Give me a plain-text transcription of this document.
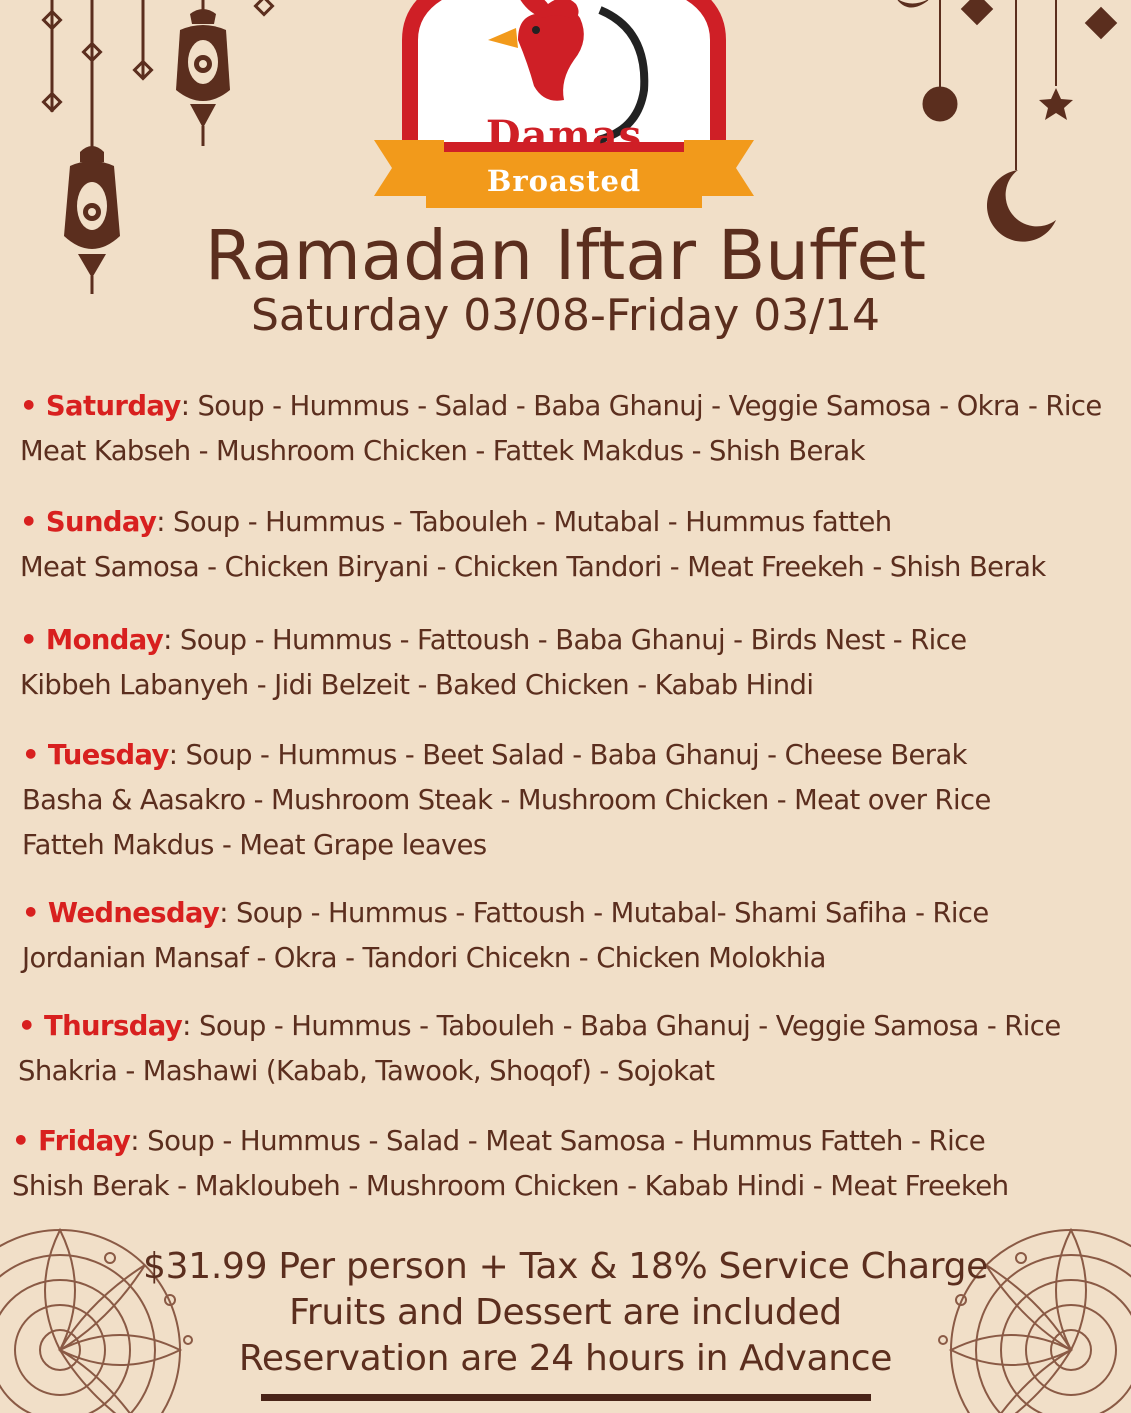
Damas
Broasted
Ramadan Iftar Buffet
Saturday 03/08-Friday 03/14
• Saturday: Soup - Hummus - Salad - Baba Ghanuj - Veggie Samosa - Okra - Rice
Meat Kabseh - Mushroom Chicken - Fattek Makdus - Shish Berak
• Sunday: Soup - Hummus - Tabouleh - Mutabal - Hummus fatteh
Meat Samosa - Chicken Biryani - Chicken Tandori - Meat Freekeh - Shish Berak
• Monday: Soup - Hummus - Fattoush - Baba Ghanuj - Birds Nest - Rice
Kibbeh Labanyeh - Jidi Belzeit - Baked Chicken - Kabab Hindi
• Tuesday: Soup - Hummus - Beet Salad - Baba Ghanuj - Cheese Berak
Basha & Aasakro - Mushroom Steak - Mushroom Chicken - Meat over Rice
Fatteh Makdus - Meat Grape leaves
• Wednesday: Soup - Hummus - Fattoush - Mutabal- Shami Safiha - Rice
Jordanian Mansaf - Okra - Tandori Chicekn - Chicken Molokhia
• Thursday: Soup - Hummus - Tabouleh - Baba Ghanuj - Veggie Samosa - Rice
Shakria - Mashawi (Kabab, Tawook, Shoqof) - Sojokat
• Friday: Soup - Hummus - Salad - Meat Samosa - Hummus Fatteh - Rice
Shish Berak - Makloubeh - Mushroom Chicken - Kabab Hindi - Meat Freekeh
$31.99 Per person + Tax & 18% Service Charge
Fruits and Dessert are included
Reservation are 24 hours in Advance
